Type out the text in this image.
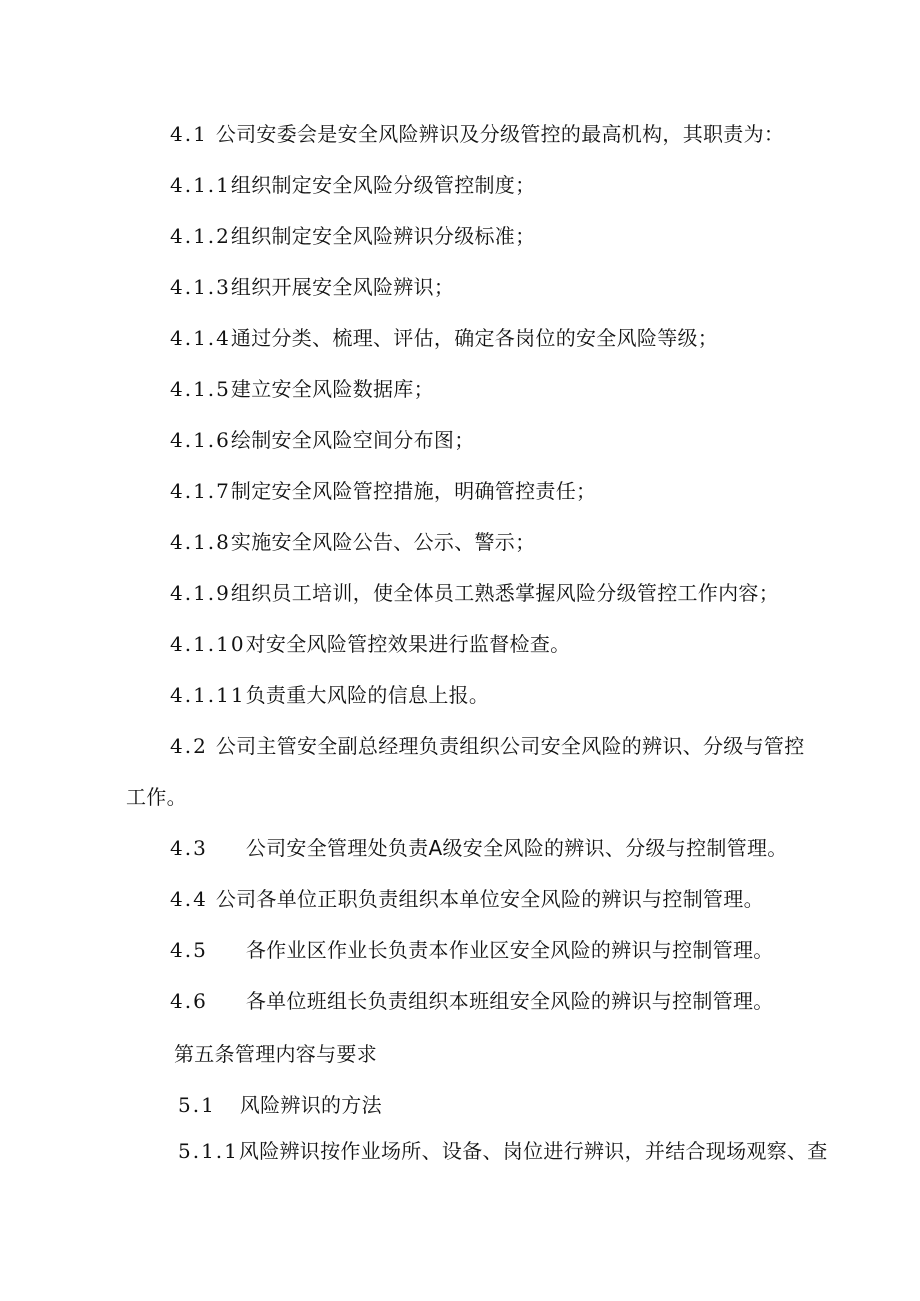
4.1 公司安委会是安全风险辨识及分级管控的最高机构，其职责为：
4.1.1组织制定安全风险分级管控制度；
4.1.2组织制定安全风险辨识分级标准；
4.1.3组织开展安全风险辨识；
4.1.4通过分类、梳理、评估，确定各岗位的安全风险等级；
4.1.5建立安全风险数据库；
4.1.6绘制安全风险空间分布图；
4.1.7制定安全风险管控措施，明确管控责任；
4.1.8实施安全风险公告、公示、警示；
4.1.9组织员工培训，使全体员工熟悉掌握风险分级管控工作内容；
4.1.10对安全风险管控效果进行监督检查。
4.1.11负责重大风险的信息上报。
4.2 公司主管安全副总经理负责组织公司安全风险的辨识、分级与管控
工作。
4.3 公司安全管理处负责A级安全风险的辨识、分级与控制管理。
4.4 公司各单位正职负责组织本单位安全风险的辨识与控制管理。
4.5 各作业区作业长负责本作业区安全风险的辨识与控制管理。
4.6 各单位班组长负责组织本班组安全风险的辨识与控制管理。
第五条管理内容与要求
5.1 风险辨识的方法
5.1.1风险辨识按作业场所、设备、岗位进行辨识，并结合现场观察、查
